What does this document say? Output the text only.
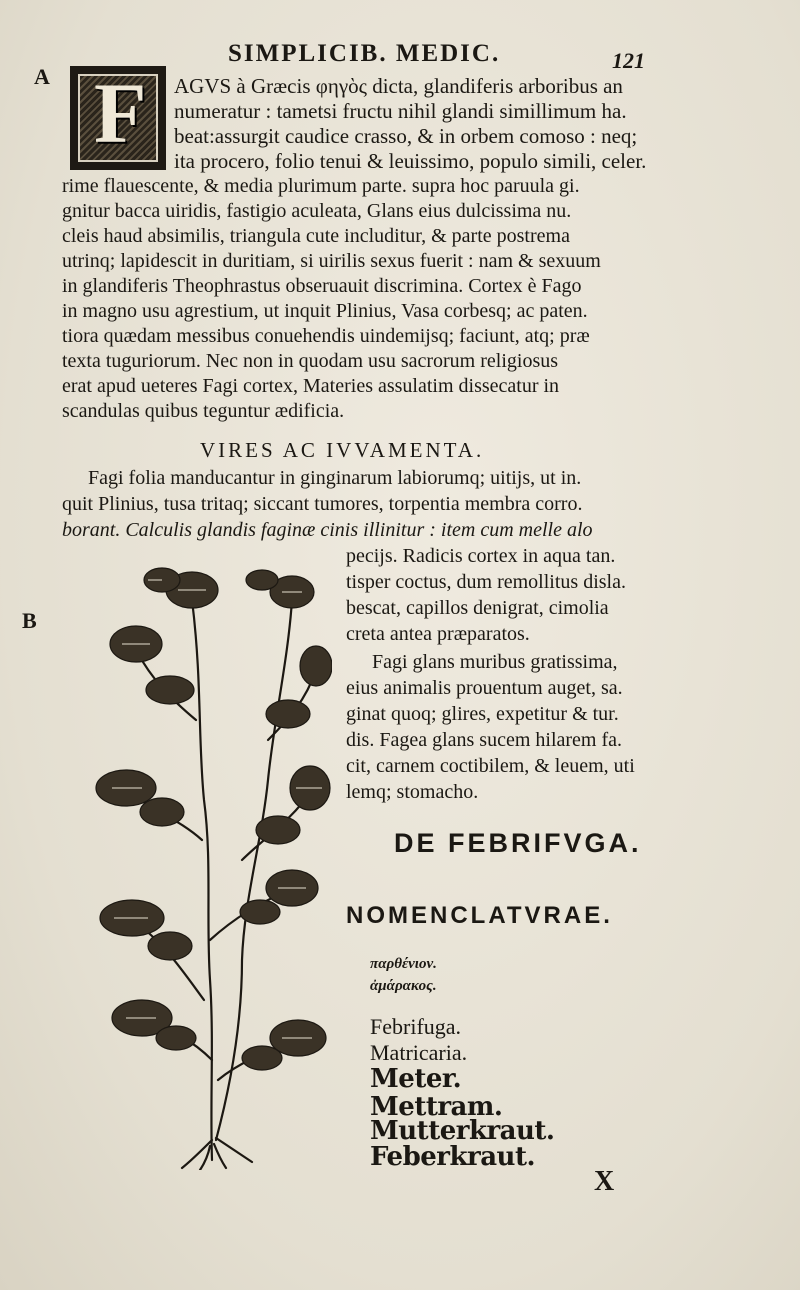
SIMPLICIB. MEDIC.	121
A
B
F AGVS à Græcis φηγὸς dicta, glandiferis arboribus an
numeratur : tametsi fructu nihil glandi simillimum ha.
beat:assurgit caudice crasso, & in orbem comoso : neq;
ita procero, folio tenui & leuissimo, populo simili, celer.
rime flauescente, & media plurimum parte. supra hoc paruula gi.
gnitur bacca uiridis, fastigio aculeata, Glans eius dulcissima nu.
cleis haud absimilis, triangula cute includitur, & parte postrema
utrinq; lapidescit in duritiam, si uirilis sexus fuerit : nam & sexuum
in glandiferis Theophrastus obseruauit discrimina. Cortex è Fago
in magno usu agrestium, ut inquit Plinius, Vasa corbesq; ac paten.
tiora quædam messibus conuehendis uindemijsq; faciunt, atq; præ
texta tuguriorum. Nec non in quodam usu sacrorum religiosus
erat apud ueteres Fagi cortex, Materies assulatim dissecatur in
scandulas quibus teguntur ædificia.
VIRES AC IVVAMENTA.
Fagi folia manducantur in ginginarum labiorumq; uitijs, ut in.
quit Plinius, tusa tritaq; siccant tumores, torpentia membra corro.
borant. Calculis glandis faginæ cinis illinitur : item cum melle alo
pecijs. Radicis cortex in aqua tan.
tisper coctus, dum remollitus disla.
bescat, capillos denigrat, cimolia
creta antea præparatos.
Fagi glans muribus gratissima,
eius animalis prouentum auget, sa.
ginat quoq; glires, expetitur & tur.
dis. Fagea glans sucem hilarem fa.
cit, carnem coctibilem, & leuem, uti
lemq; stomacho.
DE FEBRIFVGA.
NOMENCLATVRAE.
παρθένιον.
ἀμάρακος.
Febrifuga.
Matricaria.
Meter.
Mettram.
Mutterkraut.
Feberkraut.
X
